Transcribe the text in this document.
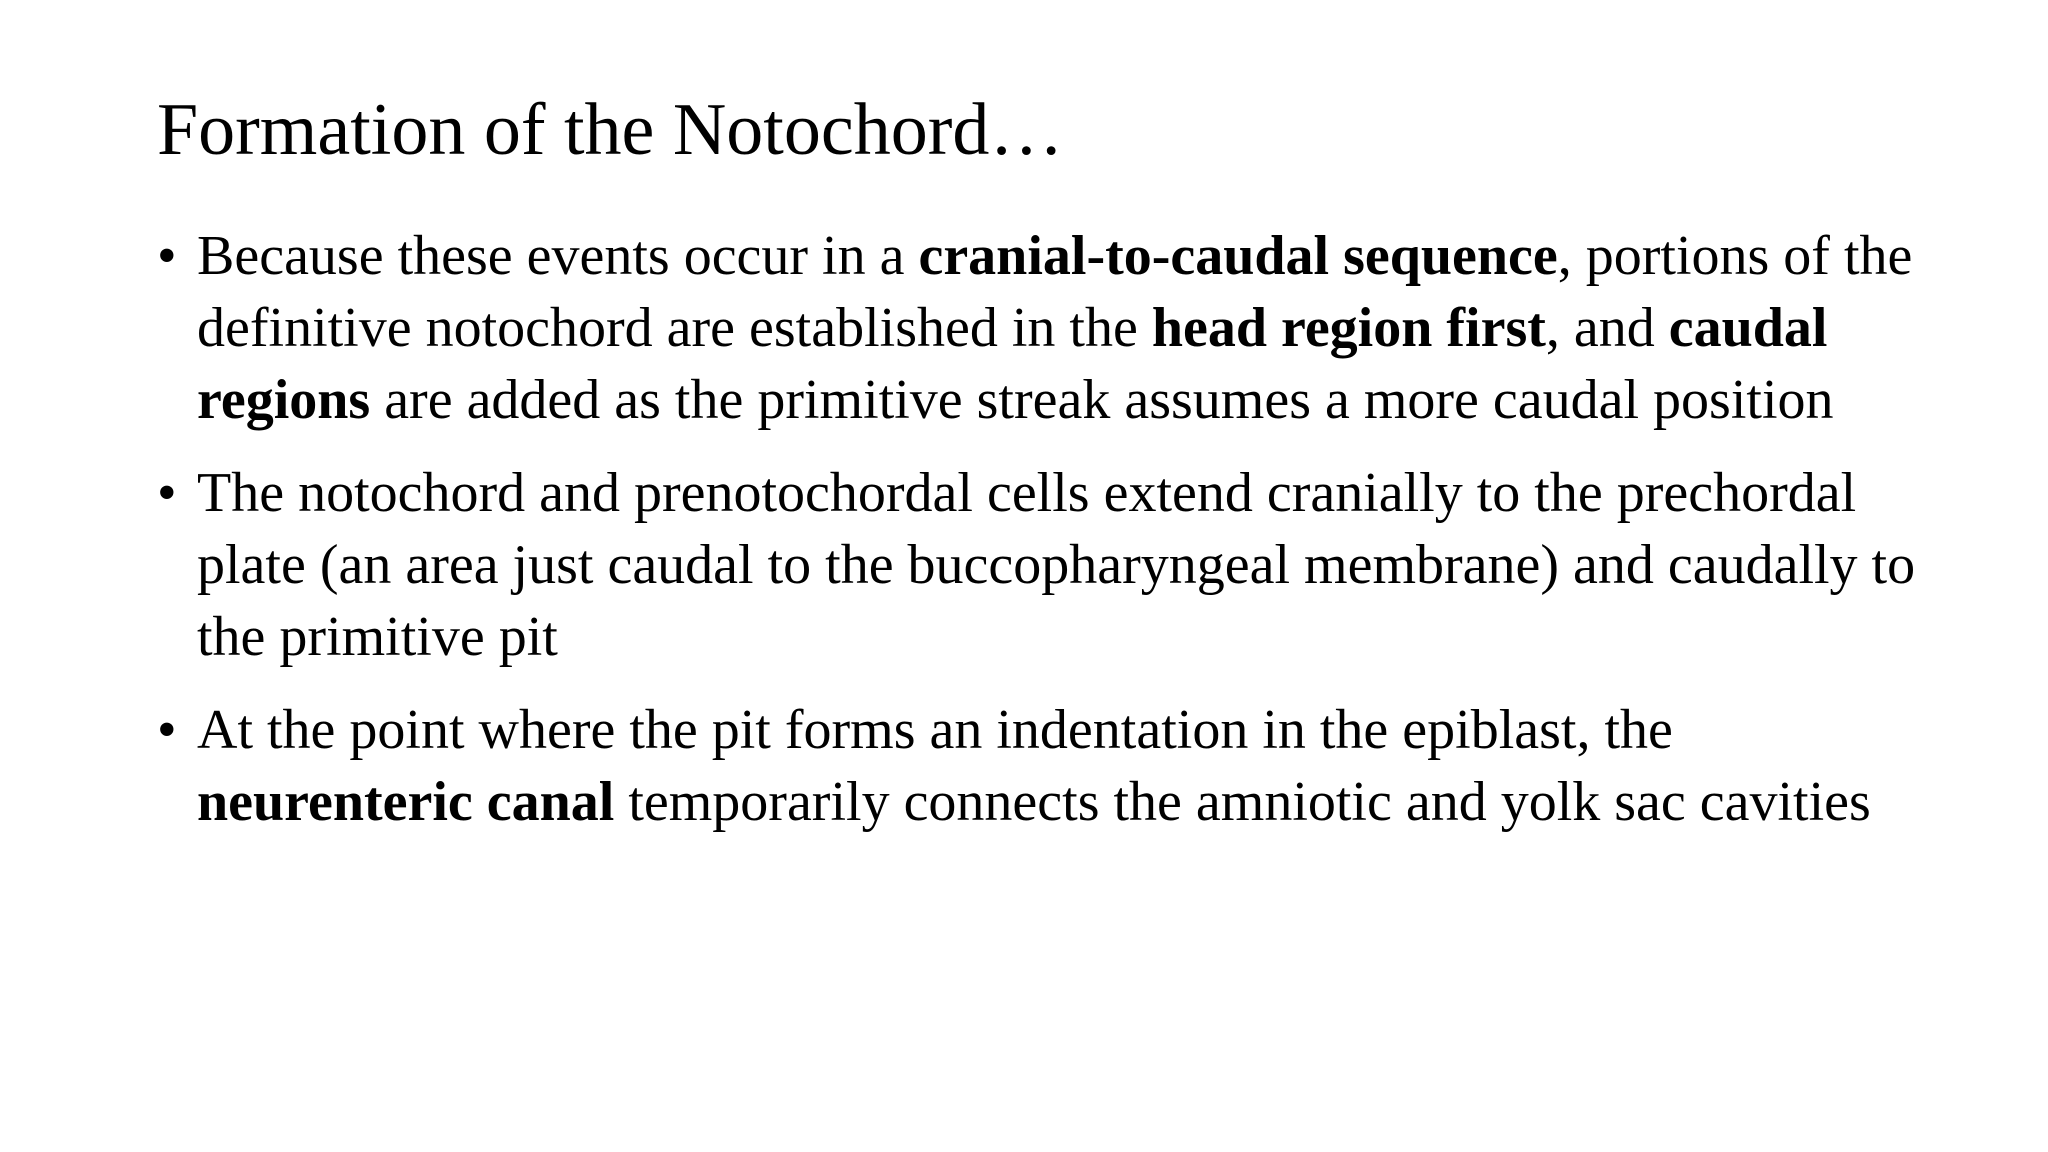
Formation of the Notochord…
• Because these events occur in a cranial-to-caudal sequence, portions of the definitive notochord are established in the head region first, and caudal regions are added as the primitive streak assumes a more caudal position
• The notochord and prenotochordal cells extend cranially to the prechordal plate (an area just caudal to the buccopharyngeal membrane) and caudally to the primitive pit
• At the point where the pit forms an indentation in the epiblast, the neurenteric canal temporarily connects the amniotic and yolk sac cavities
